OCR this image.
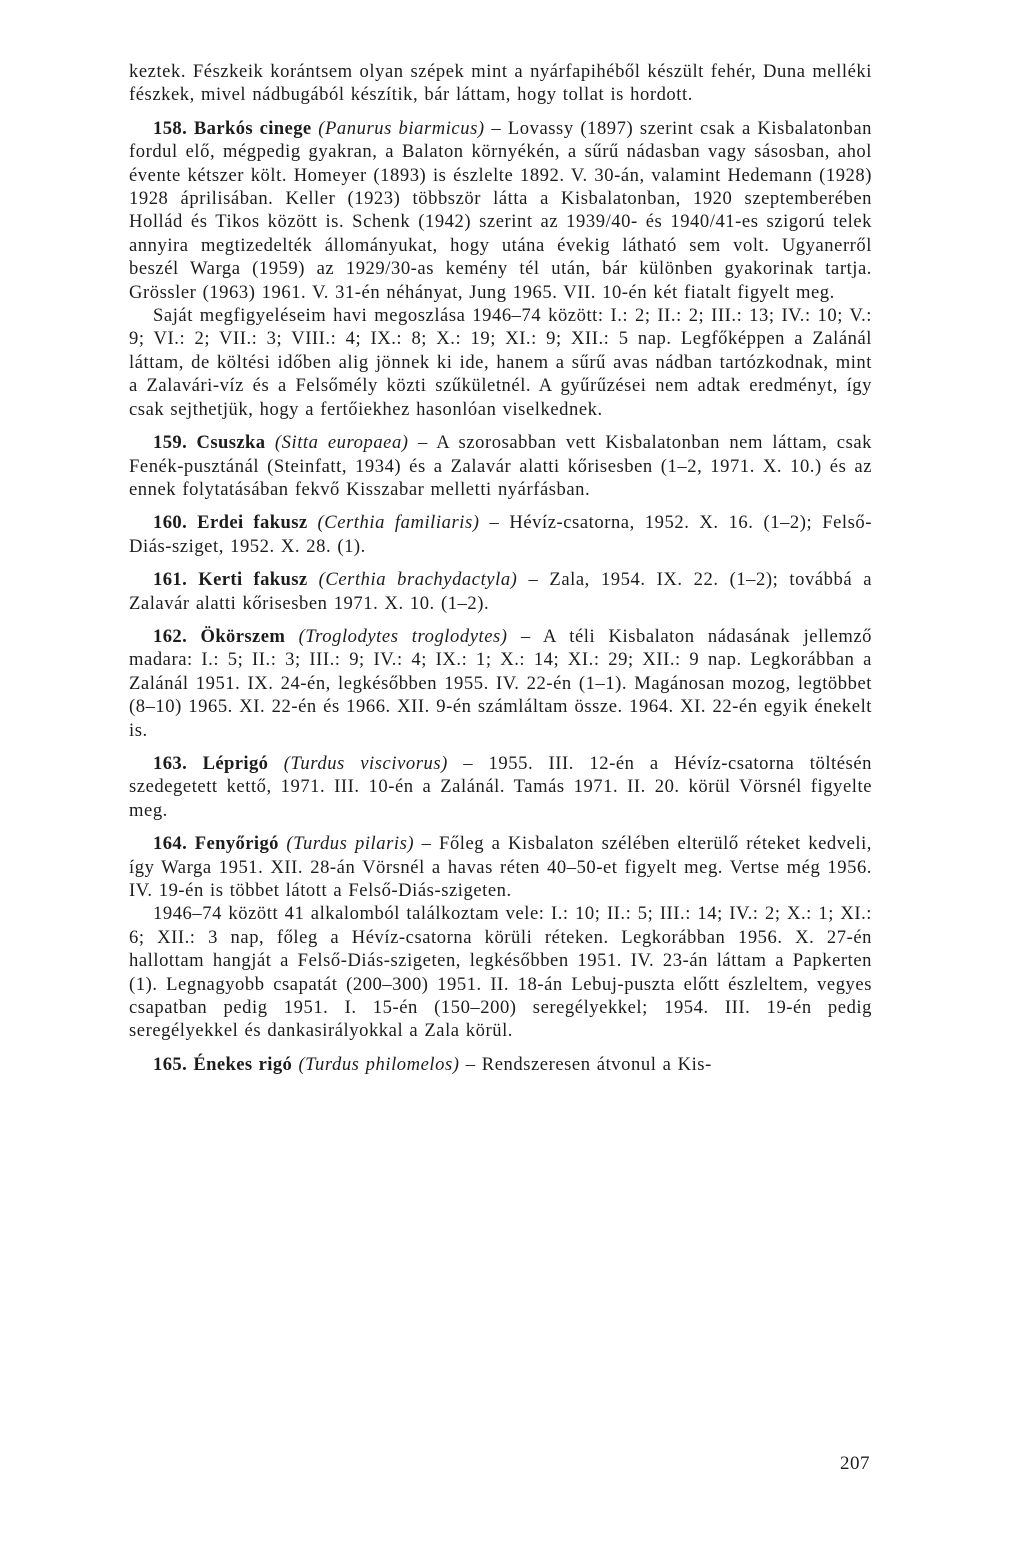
keztek. Fészkeik korántsem olyan szépek mint a nyárfapihéből készült fehér, Duna melléki fészkek, mivel nádbugából készítik, bár láttam, hogy tollat is hordott.

158. Barkós cinege (Panurus biarmicus) – Lovassy (1897) szerint csak a Kisbalatonban fordul elő, mégpedig gyakran, a Balaton környékén, a sűrű nádasban vagy sásosban, ahol évente kétszer költ. Homeyer (1893) is észlelte 1892. V. 30-án, valamint Hedemann (1928) 1928 áprilisában. Keller (1923) többször látta a Kisbalatonban, 1920 szeptemberében Hollád és Tikos között is. Schenk (1942) szerint az 1939/40- és 1940/41-es szigorú telek annyira megtizedelték állományukat, hogy utána évekig látható sem volt. Ugyanerről beszél Warga (1959) az 1929/30-as kemény tél után, bár különben gyakorinak tartja. Grössler (1963) 1961. V. 31-én néhányat, Jung 1965. VII. 10-én két fiatalt figyelt meg.

Saját megfigyeléseim havi megoszlása 1946–74 között: I.: 2; II.: 2; III.: 13; IV.: 10; V.: 9; VI.: 2; VII.: 3; VIII.: 4; IX.: 8; X.: 19; XI.: 9; XII.: 5 nap. Legfőképpen a Zalánál láttam, de költési időben alig jönnek ki ide, hanem a sűrű avas nádban tartózkodnak, mint a Zalavári-víz és a Felsőmély közti szűkületnél. A gyűrűzései nem adtak eredményt, így csak sejthetjük, hogy a fertőiekhez hasonlóan viselkednek.

159. Csuszka (Sitta europaea) – A szorosabban vett Kisbalatonban nem láttam, csak Fenék-pusztánál (Steinfatt, 1934) és a Zalavár alatti kőrisesben (1–2, 1971. X. 10.) és az ennek folytatásában fekvő Kisszabar melletti nyárfásban.

160. Erdei fakusz (Certhia familiaris) – Hévíz-csatorna, 1952. X. 16. (1–2); Felső-Diás-sziget, 1952. X. 28. (1).

161. Kerti fakusz (Certhia brachydactyla) – Zala, 1954. IX. 22. (1–2); továbbá a Zalavár alatti kőrisesben 1971. X. 10. (1–2).

162. Ökörszem (Troglodytes troglodytes) – A téli Kisbalaton nádasának jellemző madara: I.: 5; II.: 3; III.: 9; IV.: 4; IX.: 1; X.: 14; XI.: 29; XII.: 9 nap. Legkorábban a Zalánál 1951. IX. 24-én, legkésőbben 1955. IV. 22-én (1–1). Magánosan mozog, legtöbbet (8–10) 1965. XI. 22-én és 1966. XII. 9-én számláltam össze. 1964. XI. 22-én egyik énekelt is.

163. Léprigó (Turdus viscivorus) – 1955. III. 12-én a Hévíz-csatorna töltésén szedegetett kettő, 1971. III. 10-én a Zalánál. Tamás 1971. II. 20. körül Vörsnél figyelte meg.

164. Fenyőrigó (Turdus pilaris) – Főleg a Kisbalaton szélében elterülő réteket kedveli, így Warga 1951. XII. 28-án Vörsnél a havas réten 40–50-et figyelt meg. Vertse még 1956. IV. 19-én is többet látott a Felső-Diás-szigeten.

1946–74 között 41 alkalomból találkoztam vele: I.: 10; II.: 5; III.: 14; IV.: 2; X.: 1; XI.: 6; XII.: 3 nap, főleg a Hévíz-csatorna körüli réteken. Legkorábban 1956. X. 27-én hallottam hangját a Felső-Diás-szigeten, legkésőbben 1951. IV. 23-án láttam a Papkerten (1). Legnagyobb csapatát (200–300) 1951. II. 18-án Lebuj-puszta előtt észleltem, vegyes csapatban pedig 1951. I. 15-én (150–200) seregélyekkel; 1954. III. 19-én pedig seregélyekkel és dankasirályokkal a Zala körül.

165. Énekes rigó (Turdus philomelos) – Rendszeresen átvonul a Kis-

207
